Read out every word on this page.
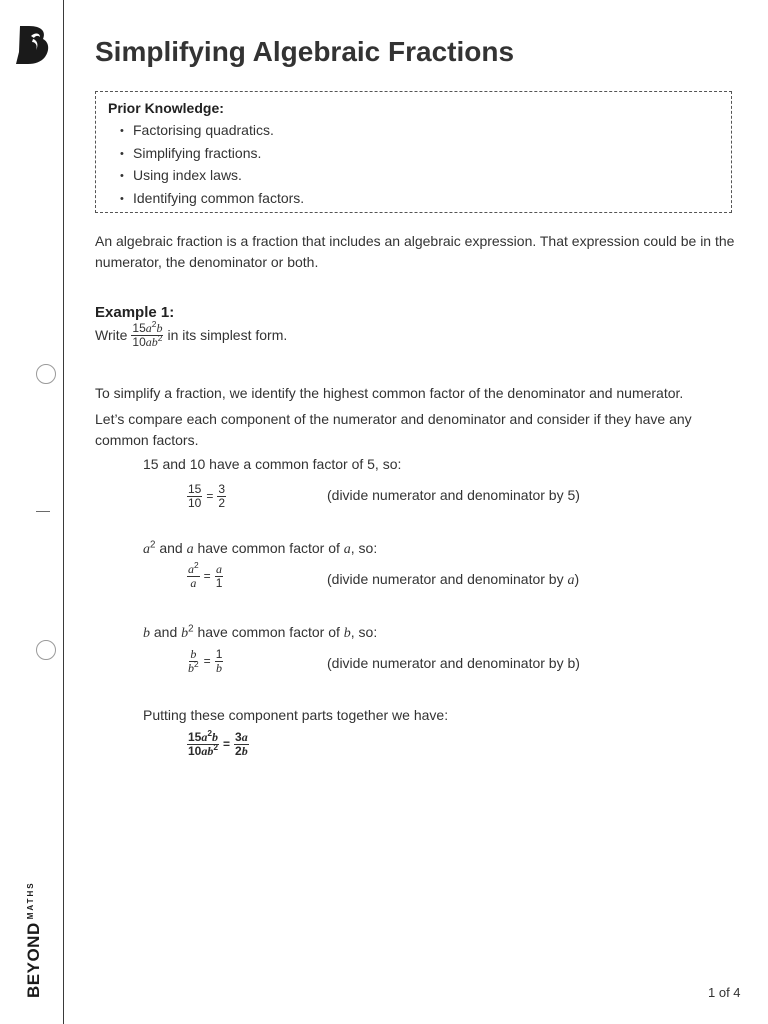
$BEYOND^{MATHS}$
Simplifying Algebraic Fractions
Prior Knowledge:
• Factorising quadratics.
• Simplifying fractions.
• Using index laws.
• Identifying common factors.

An algebraic fraction is a fraction that includes an algebraic expression. That expression could be in the numerator, the denominator or both.

Example 1:
Write $\frac{15a^2b}{10ab^2}$ in its simplest form.

To simplify a fraction, we identify the highest common factor of the denominator and numerator.

Let’s compare each component of the numerator and denominator and consider if they have any common factors.

15 and 10 have a common factor of 5, so:

$\frac{15}{10} = \frac{3}{2}$	(divide numerator and denominator by 5)

$a^2$ and a have common factor of a, so:

$\frac{a^2}{a} = \frac{a}{1}$	(divide numerator and denominator by a)

b and $b^2$ have common factor of b, so:

$\frac{b}{b^2} = \frac{1}{b}$	(divide numerator and denominator by b)

Putting these component parts together we have:

$\frac{15a^2b}{10ab^2} = \frac{3a}{2b}$
1 of 4
